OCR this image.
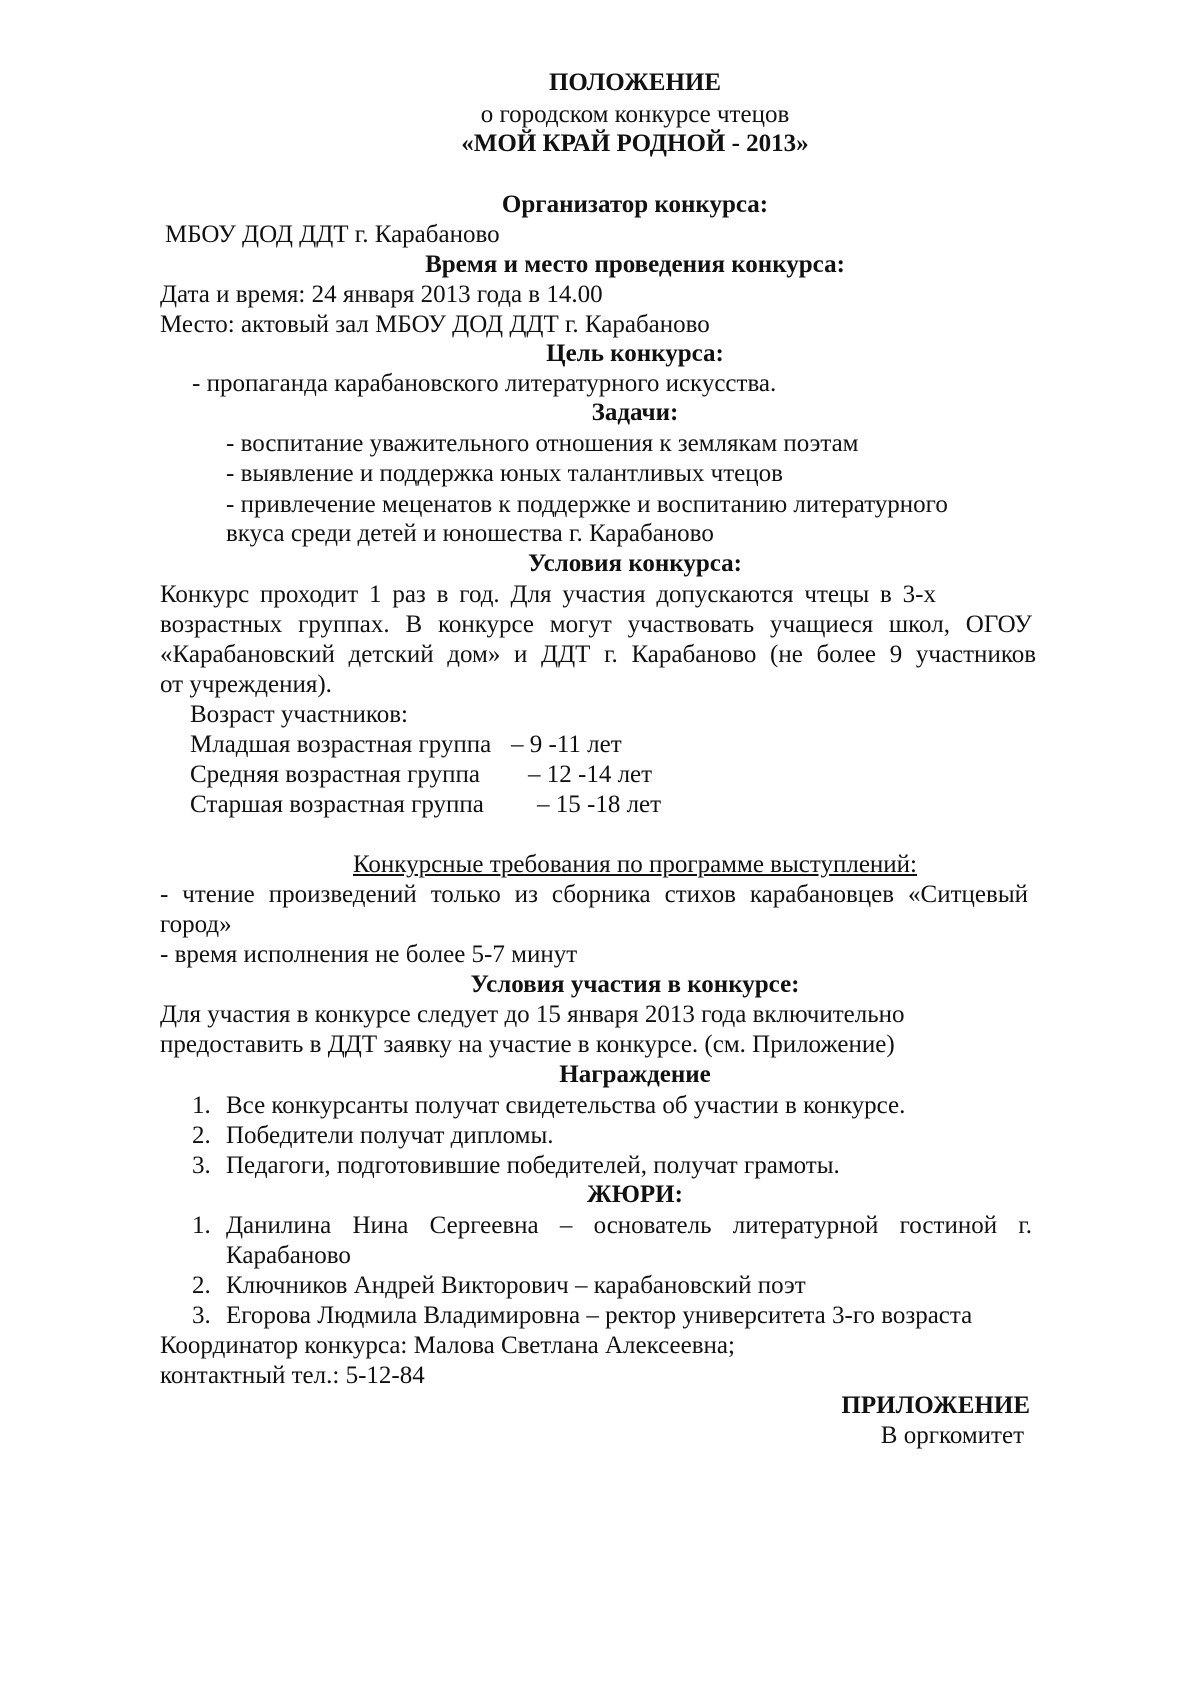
ПОЛОЖЕНИЕ
о городском конкурсе чтецов
«МОЙ КРАЙ РОДНОЙ - 2013»
Организатор конкурса:
МБОУ ДОД ДДТ г. Карабаново
Время и место проведения конкурса:
Дата и время: 24 января 2013 года в 14.00
Место: актовый зал МБОУ ДОД ДДТ г. Карабаново
Цель конкурса:
- пропаганда карабановского литературного искусства.
Задачи:
- воспитание уважительного отношения к землякам поэтам
- выявление и поддержка юных талантливых чтецов
- привлечение меценатов к поддержке и воспитанию литературного
вкуса среди детей и юношества г. Карабаново
Условия конкурса:
Конкурс проходит 1 раз в год. Для участия допускаются чтецы в 3-х
возрастных группах. В конкурсе могут участвовать учащиеся школ, ОГОУ
«Карабановский детский дом» и ДДТ г. Карабаново (не более 9 участников
от учреждения).
Возраст участников:
Младшая возрастная группа – 9 -11 лет
Средняя возрастная группа – 12 -14 лет
Старшая возрастная группа – 15 -18 лет
Конкурсные требования по программе выступлений:
- чтение произведений только из сборника стихов карабановцев «Ситцевый
город»
- время исполнения не более 5-7 минут
Условия участия в конкурсе:
Для участия в конкурсе следует до 15 января 2013 года включительно
предоставить в ДДТ заявку на участие в конкурсе. (см. Приложение)
Награждение
1. Все конкурсанты получат свидетельства об участии в конкурсе.
2. Победители получат дипломы.
3. Педагоги, подготовившие победителей, получат грамоты.
ЖЮРИ:
1. Данилина Нина Сергеевна – основатель литературной гостиной г.
Карабаново
2. Ключников Андрей Викторович – карабановский поэт
3. Егорова Людмила Владимировна – ректор университета 3-го возраста
Координатор конкурса: Малова Светлана Алексеевна;
контактный тел.: 5-12-84
ПРИЛОЖЕНИЕ
В оргкомитет
